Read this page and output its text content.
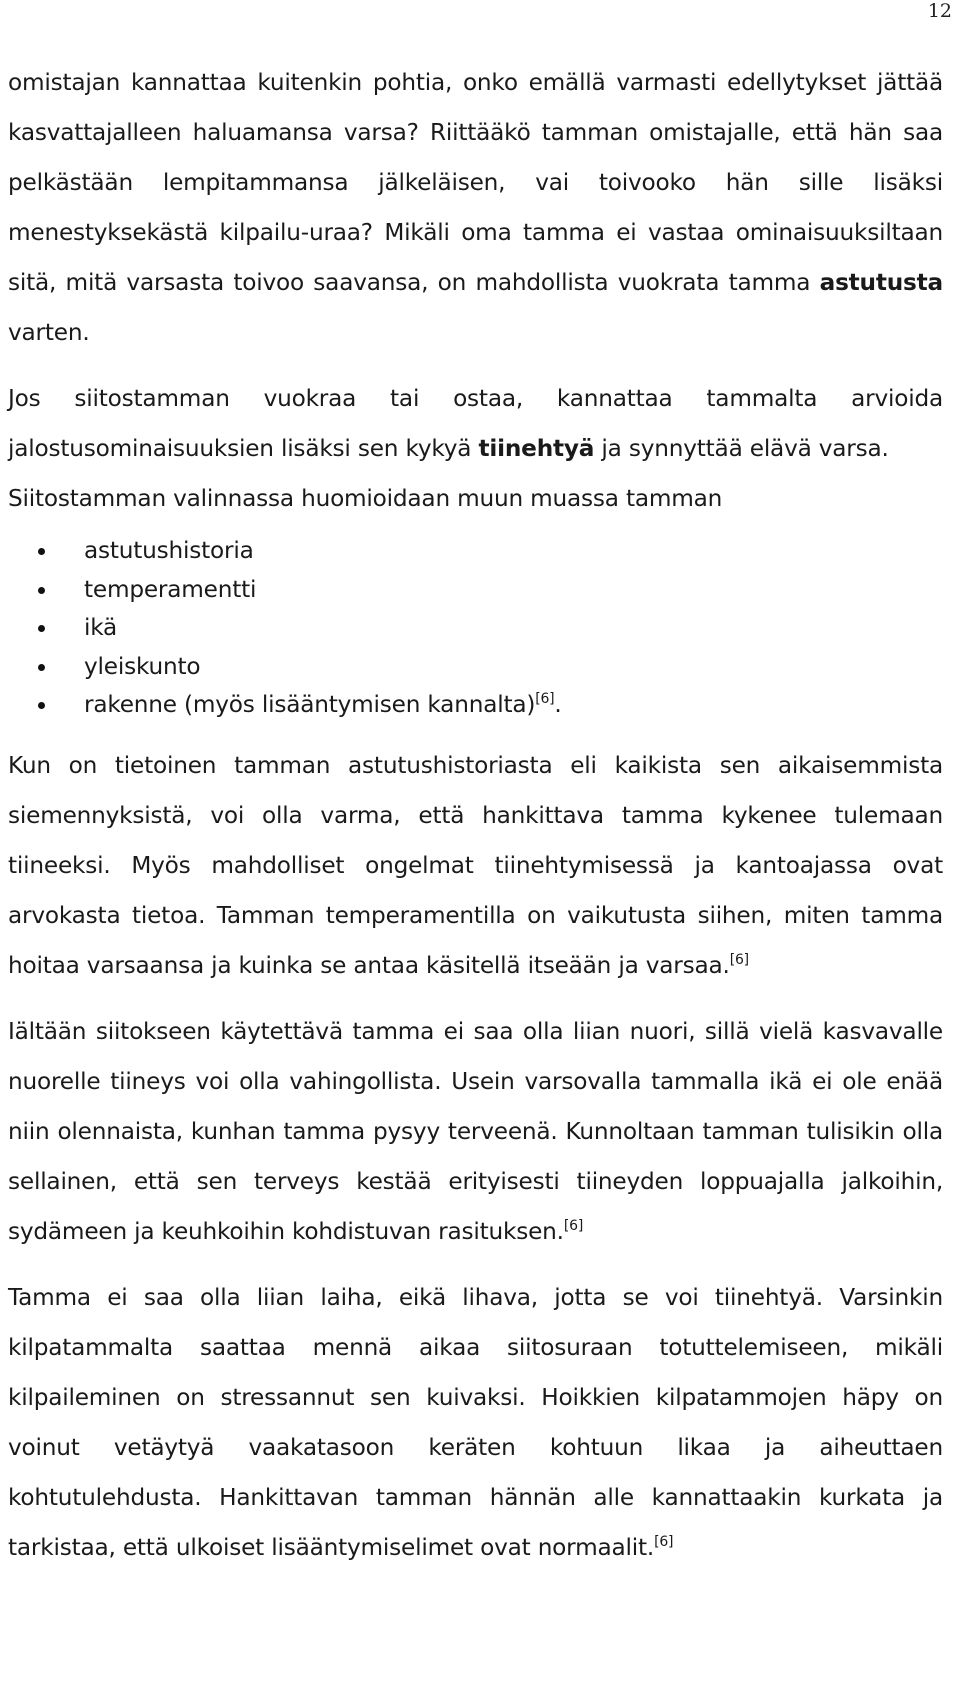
12

omistajan kannattaa kuitenkin pohtia, onko emällä varmasti edellytykset jättää kasvattajalleen haluamansa varsa? Riittääkö tamman omistajalle, että hän saa pelkästään lempitammansa jälkeläisen, vai toivooko hän sille lisäksi menestyksekästä kilpailu-uraa? Mikäli oma tamma ei vastaa ominaisuuksiltaan sitä, mitä varsasta toivoo saavansa, on mahdollista vuokrata tamma astutusta varten.

Jos siitostamman vuokraa tai ostaa, kannattaa tammalta arvioida jalostusominaisuuksien lisäksi sen kykyä tiinehtyä ja synnyttää elävä varsa.

Siitostamman valinnassa huomioidaan muun muassa tamman

astutushistoria
temperamentti
ikä
yleiskunto
rakenne (myös lisääntymisen kannalta)[6].

Kun on tietoinen tamman astutushistoriasta eli kaikista sen aikaisemmista siemennyksistä, voi olla varma, että hankittava tamma kykenee tulemaan tiineeksi. Myös mahdolliset ongelmat tiinehtymisessä ja kantoajassa ovat arvokasta tietoa. Tamman temperamentilla on vaikutusta siihen, miten tamma hoitaa varsaansa ja kuinka se antaa käsitellä itseään ja varsaa.[6]

Iältään siitokseen käytettävä tamma ei saa olla liian nuori, sillä vielä kasvavalle nuorelle tiineys voi olla vahingollista. Usein varsovalla tammalla ikä ei ole enää niin olennaista, kunhan tamma pysyy terveenä. Kunnoltaan tamman tulisikin olla sellainen, että sen terveys kestää erityisesti tiineyden loppuajalla jalkoihin, sydämeen ja keuhkoihin kohdistuvan rasituksen.[6]

Tamma ei saa olla liian laiha, eikä lihava, jotta se voi tiinehtyä. Varsinkin kilpatammalta saattaa mennä aikaa siitosuraan totuttelemiseen, mikäli kilpaileminen on stressannut sen kuivaksi. Hoikkien kilpatammojen häpy on voinut vetäytyä vaakatasoon keräten kohtuun likaa ja aiheuttaen kohtutulehdusta. Hankittavan tamman hännän alle kannattaakin kurkata ja tarkistaa, että ulkoiset lisääntymiselimet ovat normaalit.[6]
